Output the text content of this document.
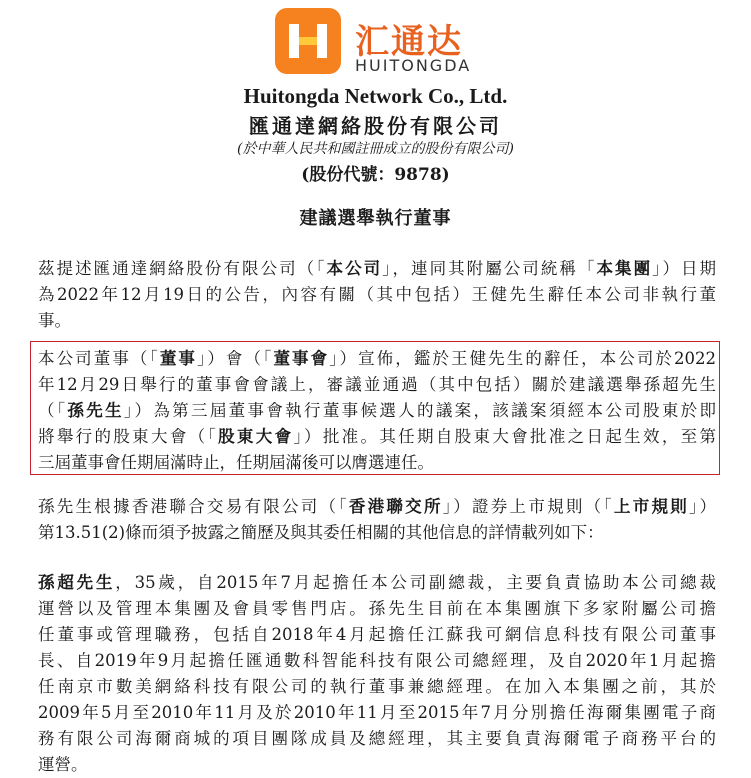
汇通达
HUITONGDA
Huitongda Network Co., Ltd.
匯通達網絡股份有限公司
(於中華人民共和國註冊成立的股份有限公司)
(股份代號：9878)
建議選舉執行董事
茲提述匯通達網絡股份有限公司（「本公司」，連同其附屬公司統稱「本集團」）日期
為2022年12月19日的公告，內容有關（其中包括）王健先生辭任本公司非執行董
事。
本公司董事（「董事」）會（「董事會」）宣佈，鑑於王健先生的辭任，本公司於2022
年12月29日舉行的董事會會議上，審議並通過（其中包括）關於建議選舉孫超先生
（「孫先生」）為第三屆董事會執行董事候選人的議案，該議案須經本公司股東於即
將舉行的股東大會（「股東大會」）批准。其任期自股東大會批准之日起生效，至第
三屆董事會任期屆滿時止，任期屆滿後可以膺選連任。
孫先生根據香港聯合交易有限公司（「香港聯交所」）證券上市規則（「上市規則」）
第13.51(2)條而須予披露之簡歷及與其委任相關的其他信息的詳情載列如下：
孫超先生，35歲，自2015年7月起擔任本公司副總裁，主要負責協助本公司總裁
運營以及管理本集團及會員零售門店。孫先生目前在本集團旗下多家附屬公司擔
任董事或管理職務，包括自2018年4月起擔任江蘇我可網信息科技有限公司董事
長、自2019年9月起擔任匯通數科智能科技有限公司總經理，及自2020年1月起擔
任南京市數美網絡科技有限公司的執行董事兼總經理。在加入本集團之前，其於
2009年5月至2010年11月及於2010年11月至2015年7月分別擔任海爾集團電子商
務有限公司海爾商城的項目團隊成員及總經理，其主要負責海爾電子商務平台的
運營。
